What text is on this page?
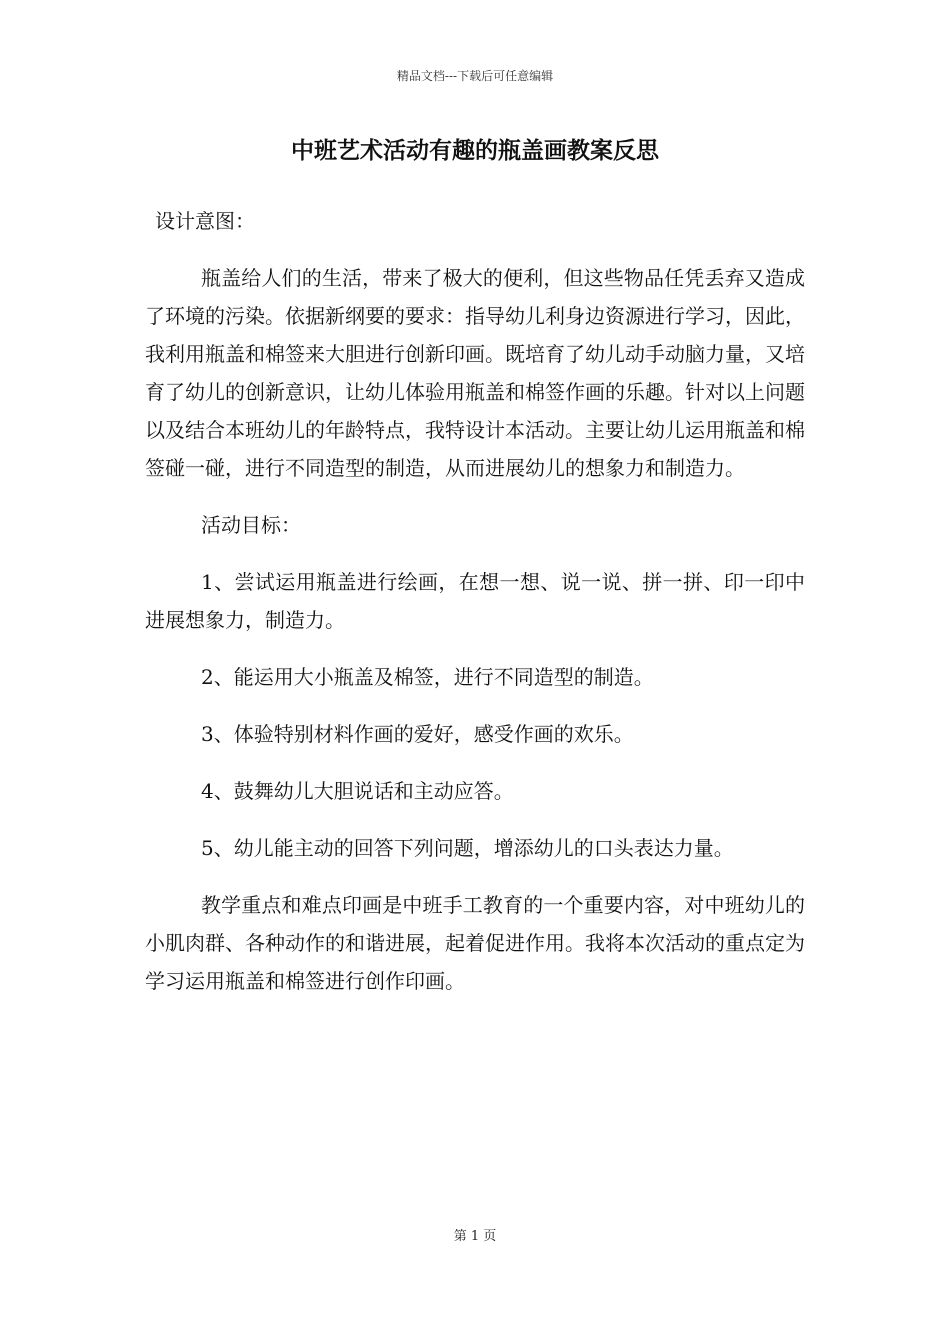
精品文档---下载后可任意编辑
中班艺术活动有趣的瓶盖画教案反思

设计意图：

瓶盖给人们的生活，带来了极大的便利，但这些物品任凭丢弃又造成了环境的污染。依据新纲要的要求：指导幼儿利身边资源进行学习，因此，我利用瓶盖和棉签来大胆进行创新印画。既培育了幼儿动手动脑力量，又培育了幼儿的创新意识，让幼儿体验用瓶盖和棉签作画的乐趣。针对以上问题以及结合本班幼儿的年龄特点，我特设计本活动。主要让幼儿运用瓶盖和棉签碰一碰，进行不同造型的制造，从而进展幼儿的想象力和制造力。

活动目标：

1、尝试运用瓶盖进行绘画，在想一想、说一说、拼一拼、印一印中进展想象力，制造力。

2、能运用大小瓶盖及棉签，进行不同造型的制造。

3、体验特别材料作画的爱好，感受作画的欢乐。

4、鼓舞幼儿大胆说话和主动应答。

5、幼儿能主动的回答下列问题，增添幼儿的口头表达力量。

教学重点和难点印画是中班手工教育的一个重要内容，对中班幼儿的小肌肉群、各种动作的和谐进展，起着促进作用。我将本次活动的重点定为学习运用瓶盖和棉签进行创作印画。

第 1 页
